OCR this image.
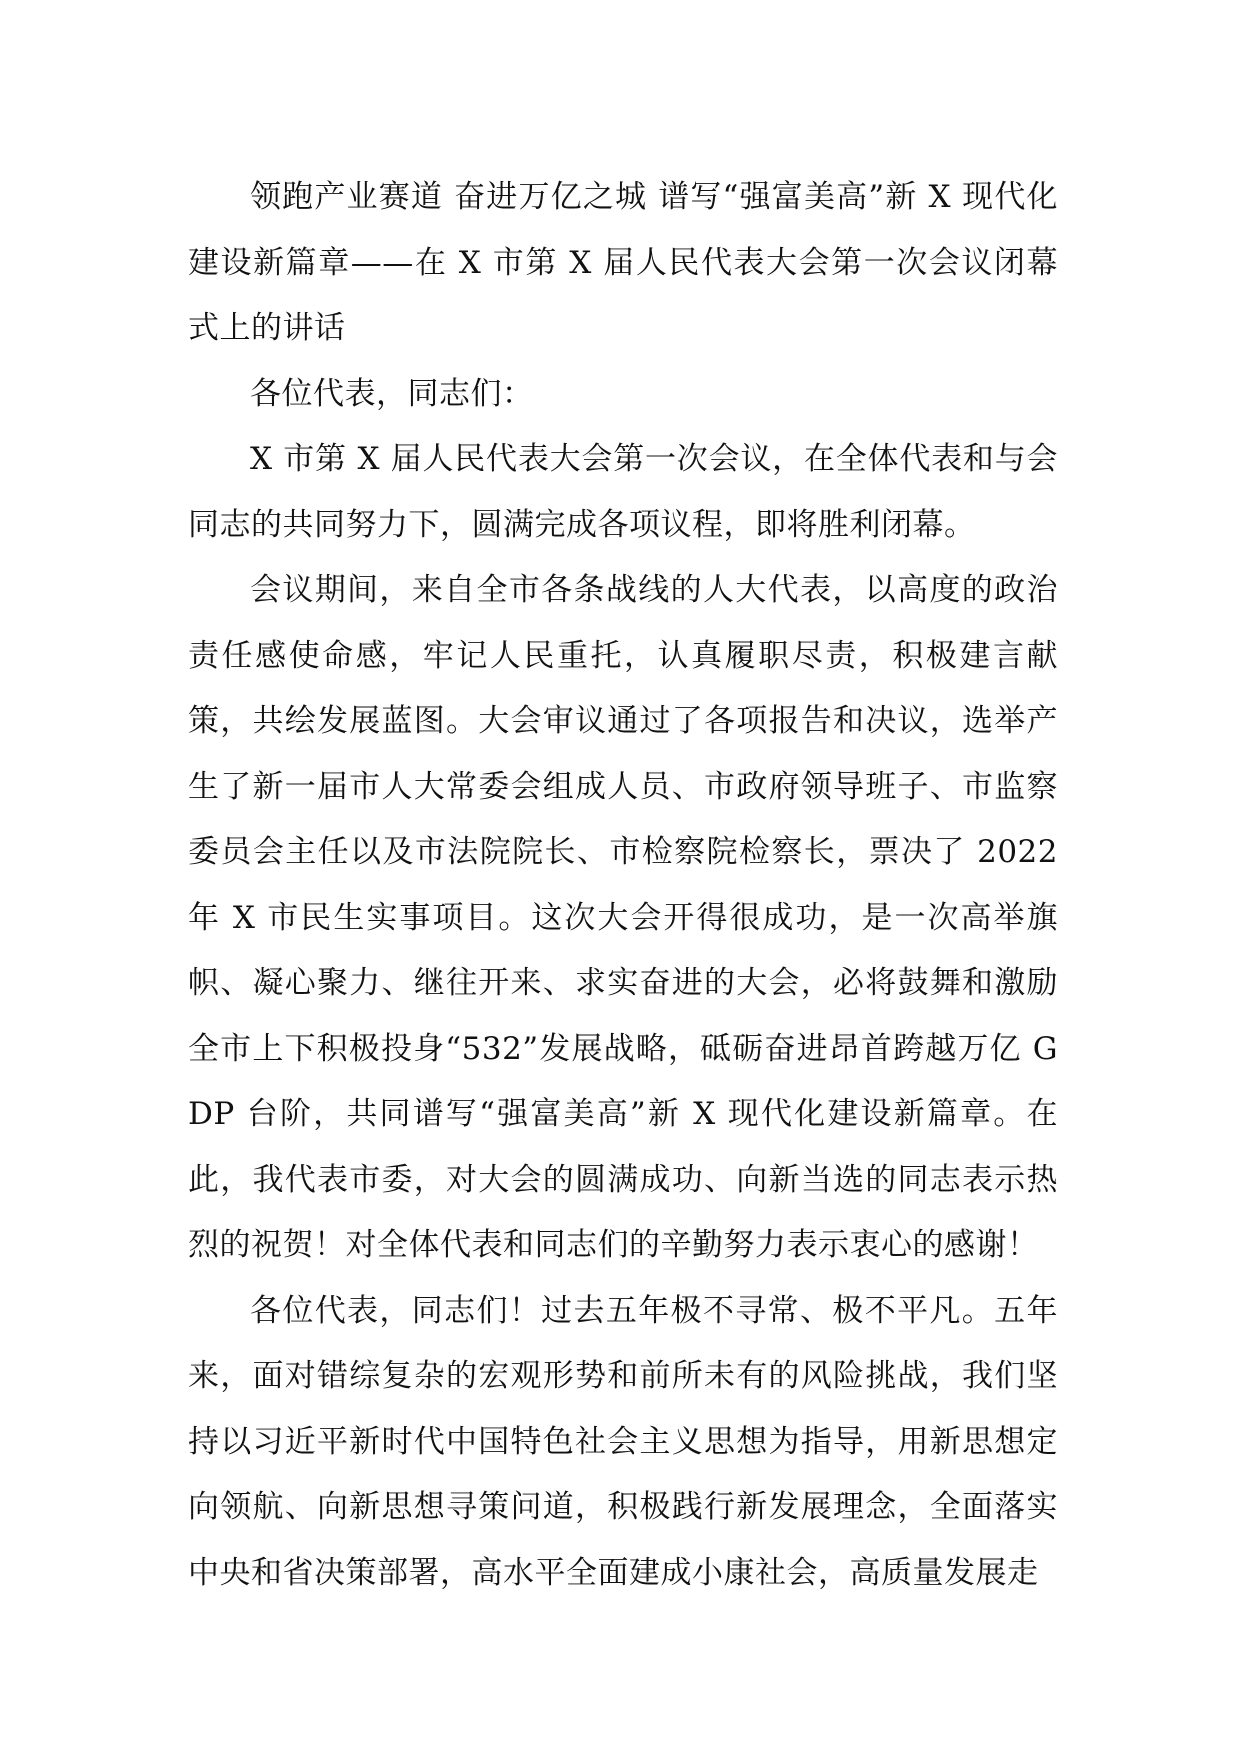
领跑产业赛道 奋进万亿之城 谱写“强富美高”新 X 现代化建设新篇章——在 X 市第 X 届人民代表大会第一次会议闭幕式上的讲话

各位代表，同志们：

X 市第 X 届人民代表大会第一次会议，在全体代表和与会同志的共同努力下，圆满完成各项议程，即将胜利闭幕。

会议期间，来自全市各条战线的人大代表，以高度的政治责任感使命感，牢记人民重托，认真履职尽责，积极建言献策，共绘发展蓝图。大会审议通过了各项报告和决议，选举产生了新一届市人大常委会组成人员、市政府领导班子、市监察委员会主任以及市法院院长、市检察院检察长，票决了 2022 年 X 市民生实事项目。这次大会开得很成功，是一次高举旗帜、凝心聚力、继往开来、求实奋进的大会，必将鼓舞和激励全市上下积极投身“532”发展战略，砥砺奋进昂首跨越万亿 GDP 台阶，共同谱写“强富美高”新 X 现代化建设新篇章。在此，我代表市委，对大会的圆满成功、向新当选的同志表示热烈的祝贺！对全体代表和同志们的辛勤努力表示衷心的感谢！

各位代表，同志们！过去五年极不寻常、极不平凡。五年来，面对错综复杂的宏观形势和前所未有的风险挑战，我们坚持以习近平新时代中国特色社会主义思想为指导，用新思想定向领航、向新思想寻策问道，积极践行新发展理念，全面落实中央和省决策部署，高水平全面建成小康社会，高质量发展走
